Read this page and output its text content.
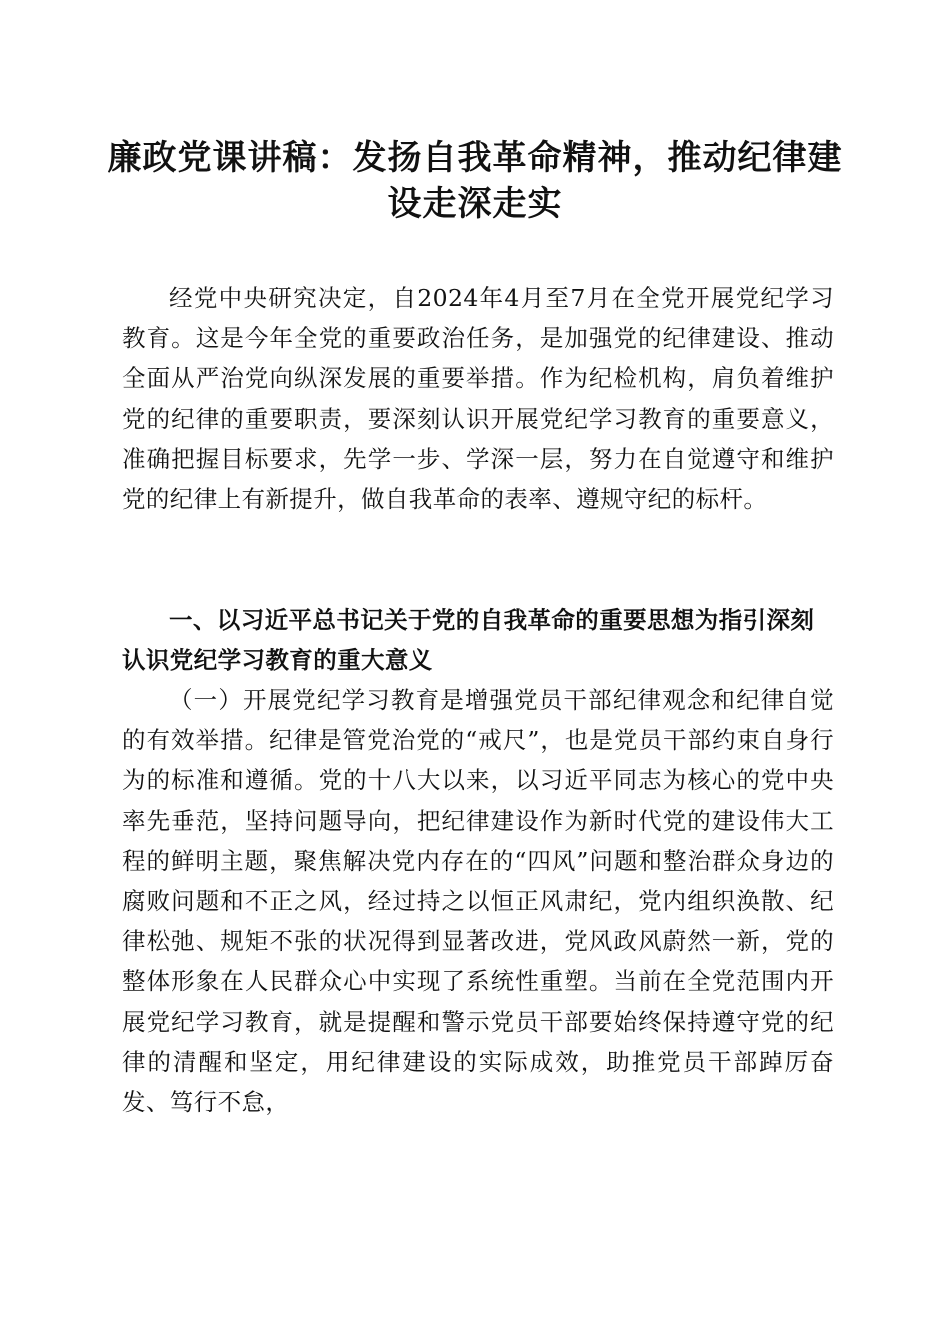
廉政党课讲稿：发扬自我革命精神，推动纪律建设走深走实

经党中央研究决定，自2024年4月至7月在全党开展党纪学习教育。这是今年全党的重要政治任务，是加强党的纪律建设、推动全面从严治党向纵深发展的重要举措。作为纪检机构，肩负着维护党的纪律的重要职责，要深刻认识开展党纪学习教育的重要意义，准确把握目标要求，先学一步、学深一层，努力在自觉遵守和维护党的纪律上有新提升，做自我革命的表率、遵规守纪的标杆。

一、以习近平总书记关于党的自我革命的重要思想为指引深刻认识党纪学习教育的重大意义

（一）开展党纪学习教育是增强党员干部纪律观念和纪律自觉的有效举措。纪律是管党治党的“戒尺”，也是党员干部约束自身行为的标准和遵循。党的十八大以来，以习近平同志为核心的党中央率先垂范，坚持问题导向，把纪律建设作为新时代党的建设伟大工程的鲜明主题，聚焦解决党内存在的“四风”问题和整治群众身边的腐败问题和不正之风，经过持之以恒正风肃纪，党内组织涣散、纪律松弛、规矩不张的状况得到显著改进，党风政风蔚然一新，党的整体形象在人民群众心中实现了系统性重塑。当前在全党范围内开展党纪学习教育，就是提醒和警示党员干部要始终保持遵守党的纪律的清醒和坚定，用纪律建设的实际成效，助推党员干部踔厉奋发、笃行不怠，
